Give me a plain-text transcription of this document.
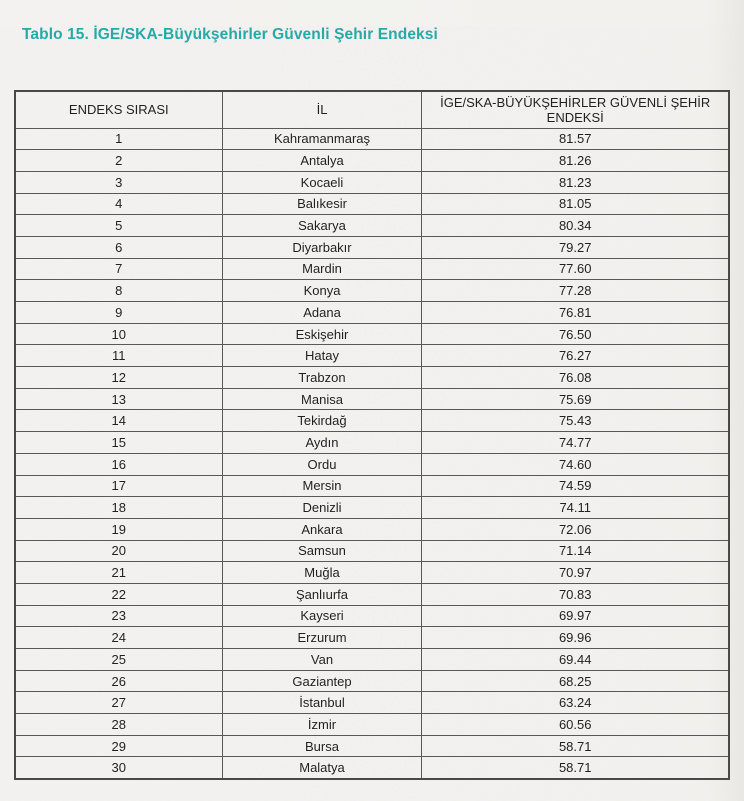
Tablo 15. İGE/SKA-Büyükşehirler Güvenli Şehir Endeksi
ENDEKS SIRASI	İL	İGE/SKA-BÜYÜKŞEHİRLER GÜVENLİ ŞEHİR ENDEKSİ
1	Kahramanmaraş	81.57
2	Antalya	81.26
3	Kocaeli	81.23
4	Balıkesir	81.05
5	Sakarya	80.34
6	Diyarbakır	79.27
7	Mardin	77.60
8	Konya	77.28
9	Adana	76.81
10	Eskişehir	76.50
11	Hatay	76.27
12	Trabzon	76.08
13	Manisa	75.69
14	Tekirdağ	75.43
15	Aydın	74.77
16	Ordu	74.60
17	Mersin	74.59
18	Denizli	74.11
19	Ankara	72.06
20	Samsun	71.14
21	Muğla	70.97
22	Şanlıurfa	70.83
23	Kayseri	69.97
24	Erzurum	69.96
25	Van	69.44
26	Gaziantep	68.25
27	İstanbul	63.24
28	İzmir	60.56
29	Bursa	58.71
30	Malatya	58.71
